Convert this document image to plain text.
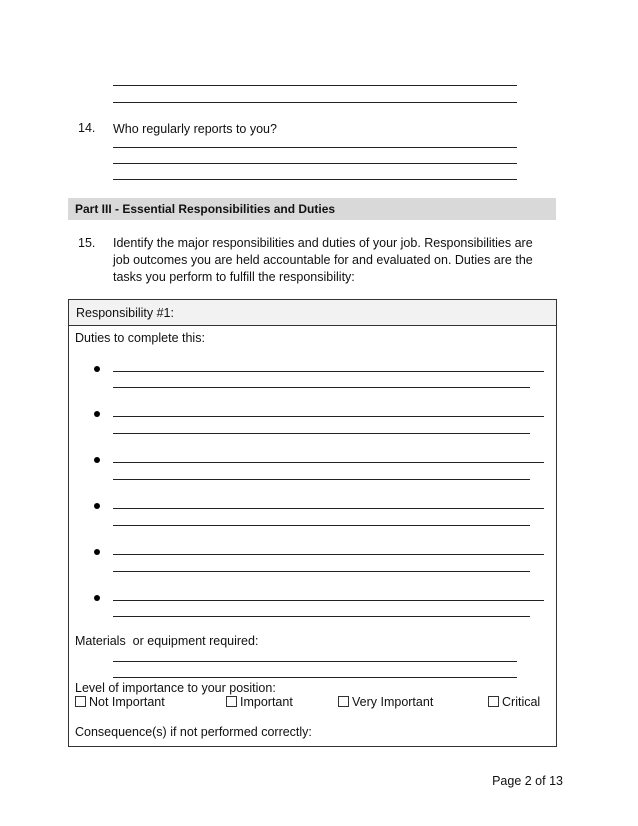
14. Who regularly reports to you?
Part III - Essential Responsibilities and Duties
15. Identify the major responsibilities and duties of your job. Responsibilities are job outcomes you are held accountable for and evaluated on. Duties are the tasks you perform to fulfill the responsibility:
Responsibility #1:
Duties to complete this:
Materials  or equipment required:
Level of importance to your position:
Not Important	Important	Very Important	Critical
Consequence(s) if not performed correctly:
Page 2 of 13
